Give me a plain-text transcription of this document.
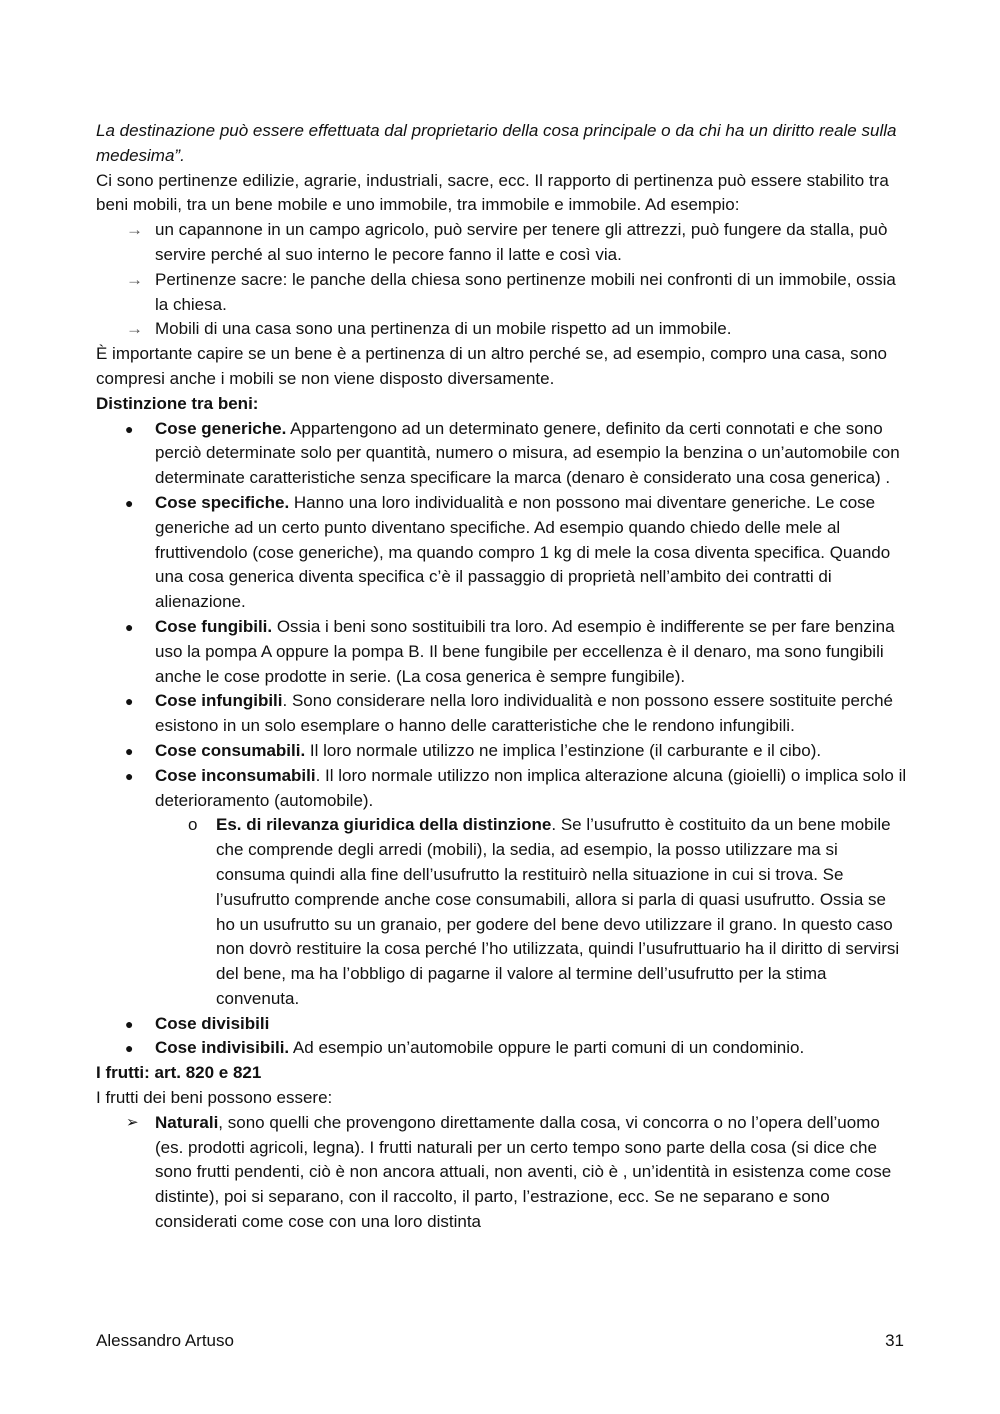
La destinazione può essere effettuata dal proprietario della cosa principale o da chi ha un diritto reale sulla medesima”.

Ci sono pertinenze edilizie, agrarie, industriali, sacre, ecc. Il rapporto di pertinenza può essere stabilito tra beni mobili, tra un bene mobile e uno immobile, tra immobile e immobile. Ad esempio:

→ un capannone in un campo agricolo, può servire per tenere gli attrezzi, può fungere da stalla, può servire perché al suo interno le pecore fanno il latte e così via.
→ Pertinenze sacre: le panche della chiesa sono pertinenze mobili nei confronti di un immobile, ossia la chiesa.
→ Mobili di una casa sono una pertinenza di un mobile rispetto ad un immobile.

È importante capire se un bene è a pertinenza di un altro perché se, ad esempio, compro una casa, sono compresi anche i mobili se non viene disposto diversamente.

Distinzione tra beni:

● Cose generiche. Appartengono ad un determinato genere, definito da certi connotati e che sono perciò determinate solo per quantità, numero o misura, ad esempio la benzina o un’automobile con determinate caratteristiche senza specificare la marca (denaro è considerato una cosa generica) .
● Cose specifiche. Hanno una loro individualità e non possono mai diventare generiche. Le cose generiche ad un certo punto diventano specifiche. Ad esempio quando chiedo delle mele al fruttivendolo (cose generiche), ma quando compro 1 kg di mele la cosa diventa specifica. Quando una cosa generica diventa specifica c’è il passaggio di proprietà nell’ambito dei contratti di alienazione.
● Cose fungibili. Ossia i beni sono sostituibili tra loro. Ad esempio è indifferente se per fare benzina uso la pompa A oppure la pompa B. Il bene fungibile per eccellenza è il denaro, ma sono fungibili anche le cose prodotte in serie. (La cosa generica è sempre fungibile).
● Cose infungibili. Sono considerare nella loro individualità e non possono essere sostituite perché esistono in un solo esemplare o hanno delle caratteristiche che le rendono infungibili.
● Cose consumabili. Il loro normale utilizzo ne implica l’estinzione (il carburante e il cibo).
● Cose inconsumabili. Il loro normale utilizzo non implica alterazione alcuna (gioielli) o implica solo il deterioramento (automobile).
o Es. di rilevanza giuridica della distinzione. Se l’usufrutto è costituito da un bene mobile che comprende degli arredi (mobili), la sedia, ad esempio, la posso utilizzare ma si consuma quindi alla fine dell’usufrutto la restituirò nella situazione in cui si trova. Se l’usufrutto comprende anche cose consumabili, allora si parla di quasi usufrutto. Ossia se ho un usufrutto su un granaio, per godere del bene devo utilizzare il grano. In questo caso non dovrò restituire la cosa perché l’ho utilizzata, quindi l’usufruttuario ha il diritto di servirsi del bene, ma ha l’obbligo di pagarne il valore al termine dell’usufrutto per la stima convenuta.
● Cose divisibili
● Cose indivisibili. Ad esempio un’automobile oppure le parti comuni di un condominio.

I frutti: art. 820 e 821

I frutti dei beni possono essere:

➢ Naturali, sono quelli che provengono direttamente dalla cosa, vi concorra o no l’opera dell’uomo (es. prodotti agricoli, legna). I frutti naturali per un certo tempo sono parte della cosa (si dice che sono frutti pendenti, ciò è non ancora attuali, non aventi, ciò è , un’identità in esistenza come cose distinte), poi si separano, con il raccolto, il parto, l’estrazione, ecc. Se ne separano e sono considerati come cose con una loro distinta
Alessandro Artuso	31
